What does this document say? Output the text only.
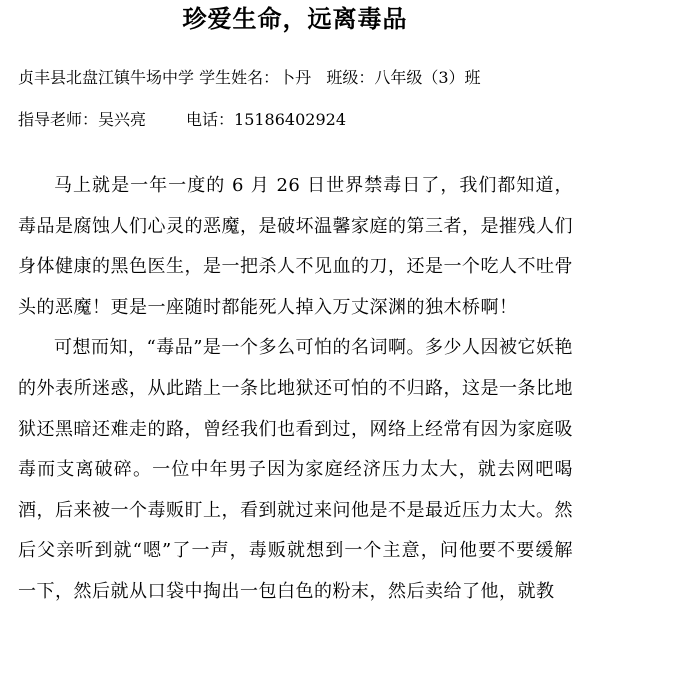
珍爱生命，远离毒品

贞丰县北盘江镇牛场中学 学生姓名：卜丹   班级：八年级（3）班

指导老师：吴兴亮	电话：15186402924

马上就是一年一度的 6 月 26 日世界禁毒日了，我们都知道，毒品是腐蚀人们心灵的恶魔，是破坏温馨家庭的第三者，是摧残人们身体健康的黑色医生，是一把杀人不见血的刀，还是一个吃人不吐骨头的恶魔！更是一座随时都能死人掉入万丈深渊的独木桥啊！

可想而知，“毒品”是一个多么可怕的名词啊。多少人因被它妖艳的外表所迷惑，从此踏上一条比地狱还可怕的不归路，这是一条比地狱还黑暗还难走的路，曾经我们也看到过，网络上经常有因为家庭吸毒而支离破碎。一位中年男子因为家庭经济压力太大，就去网吧喝酒，后来被一个毒贩盯上，看到就过来问他是不是最近压力太大。然后父亲听到就“嗯”了一声，毒贩就想到一个主意，问他要不要缓解一下，然后就从口袋中掏出一包白色的粉末，然后卖给了他，就教
